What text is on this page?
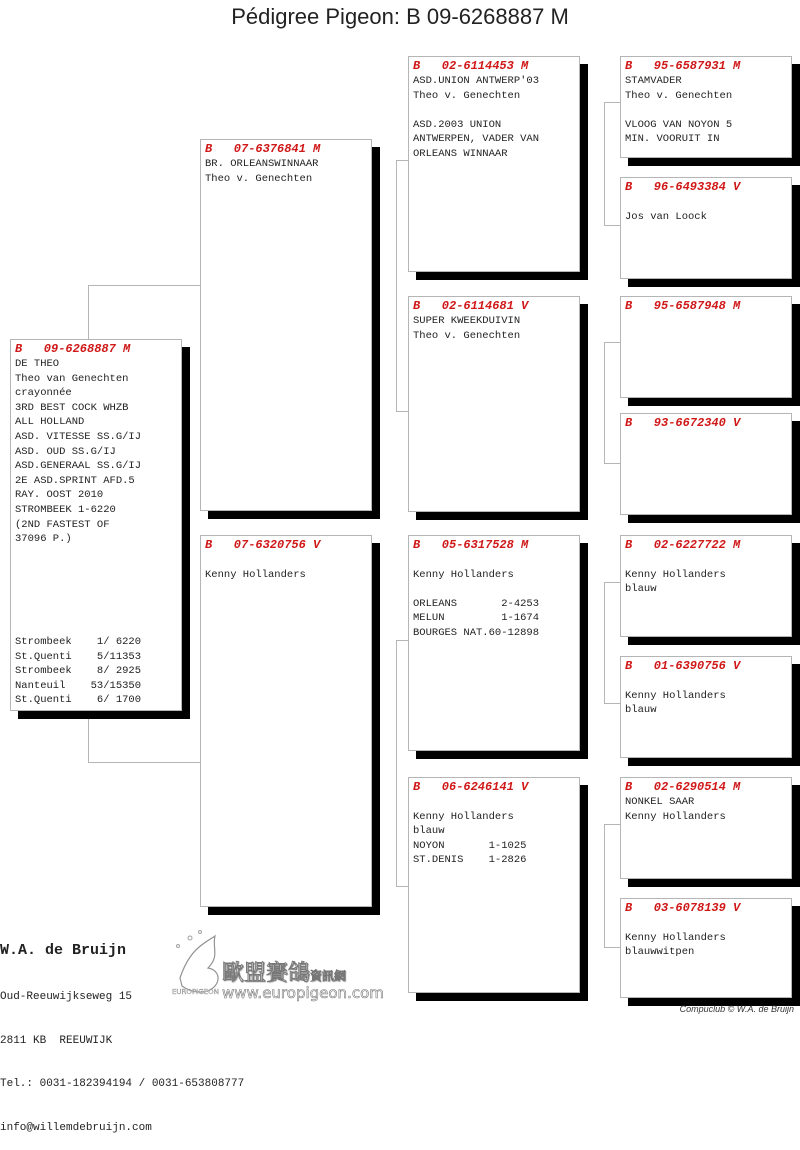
Pédigree Pigeon: B 09-6268887 M
B   09-6268887 M
DE THEO
Theo van Genechten
crayonnée
3RD BEST COCK WHZB
ALL HOLLAND
ASD. VITESSE SS.G/IJ
ASD. OUD SS.G/IJ
ASD.GENERAAL SS.G/IJ
2E ASD.SPRINT AFD.5
RAY. OOST 2010
STROMBEEK 1-6220
(2ND FASTEST OF
37096 P.)
Strombeek    1/ 6220
St.Quenti    5/11353
Strombeek    8/ 2925
Nanteuil    53/15350
St.Quenti    6/ 1700
B   07-6376841 M
BR. ORLEANSWINNAAR
Theo v. Genechten
B   07-6320756 V

Kenny Hollanders
B   02-6114453 M
ASD.UNION ANTWERP'03
Theo v. Genechten

ASD.2003 UNION
ANTWERPEN, VADER VAN
ORLEANS WINNAAR
B   02-6114681 V
SUPER KWEEKDUIVIN
Theo v. Genechten
B   05-6317528 M

Kenny Hollanders

ORLEANS       2-4253
MELUN         1-1674
BOURGES NAT.60-12898
B   06-6246141 V

Kenny Hollanders
blauw
NOYON       1-1025
ST.DENIS    1-2826
B   95-6587931 M
STAMVADER
Theo v. Genechten

VLOOG VAN NOYON 5
MIN. VOORUIT IN
B   96-6493384 V

Jos van Loock
B   95-6587948 M
B   93-6672340 V
B   02-6227722 M

Kenny Hollanders
blauw
B   01-6390756 V

Kenny Hollanders
blauw
B   02-6290514 M
NONKEL SAAR
Kenny Hollanders
B   03-6078139 V

Kenny Hollanders
blauwwitpen

W.A. de Bruijn

Oud-Reeuwijkseweg 15

2811 KB  REEUWIJK

Tel.: 0031-182394194 / 0031-653808777

info@willemdebruijn.com

歐盟賽鴿資訊網
www.europigeon.com
EUROPIGEON
Compuclub © W.A. de Bruijn
